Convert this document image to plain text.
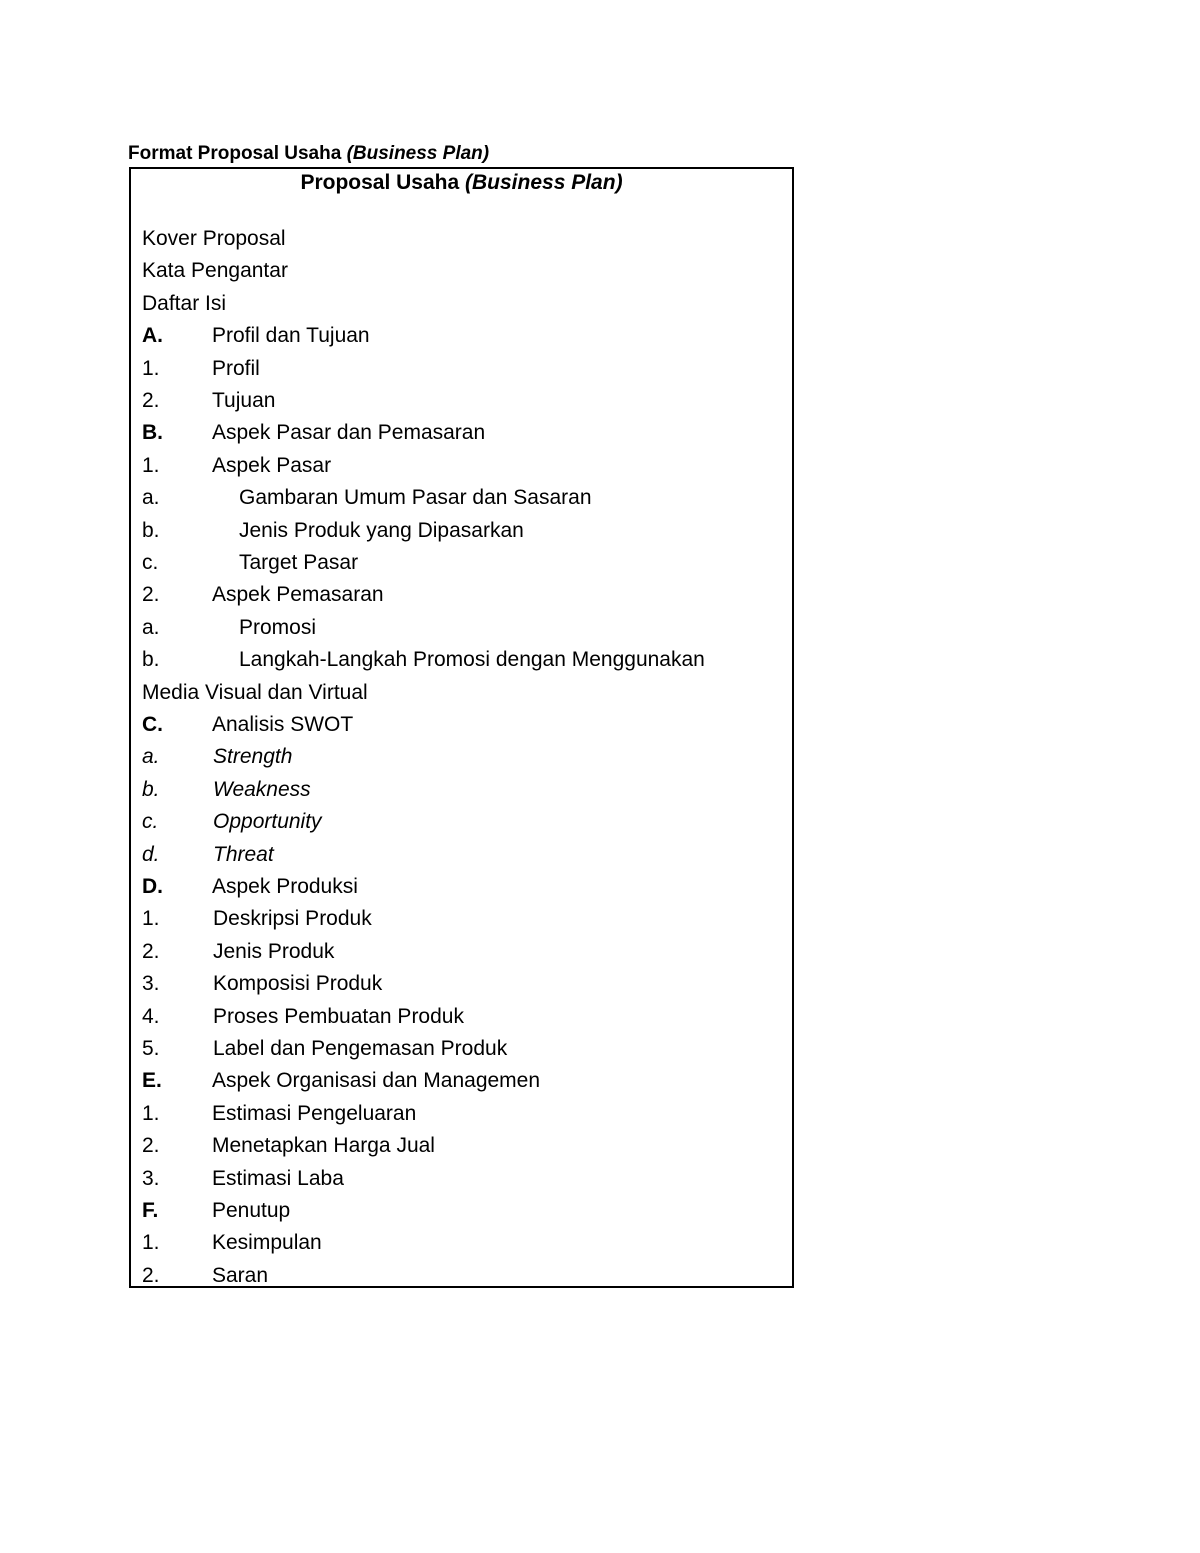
Format Proposal Usaha (Business Plan)
Proposal Usaha (Business Plan)
Kover Proposal
Kata Pengantar
Daftar Isi
A. Profil dan Tujuan
1. Profil
2. Tujuan
B. Aspek Pasar dan Pemasaran
1. Aspek Pasar
a.	Gambaran Umum Pasar dan Sasaran
b.	Jenis Produk yang Dipasarkan
c.	Target Pasar
2. Aspek Pemasaran
a.	Promosi
b.	Langkah-Langkah Promosi dengan Menggunakan
Media Visual dan Virtual
C. Analisis SWOT
a.	Strength
b.	Weakness
c.	Opportunity
d.	Threat
D. Aspek Produksi
1.	Deskripsi Produk
2.	Jenis Produk
3.	Komposisi Produk
4.	Proses Pembuatan Produk
5.	Label dan Pengemasan Produk
E. Aspek Organisasi dan Managemen
1. Estimasi Pengeluaran
2. Menetapkan Harga Jual
3. Estimasi Laba
F.	Penutup
1. Kesimpulan
2. Saran
